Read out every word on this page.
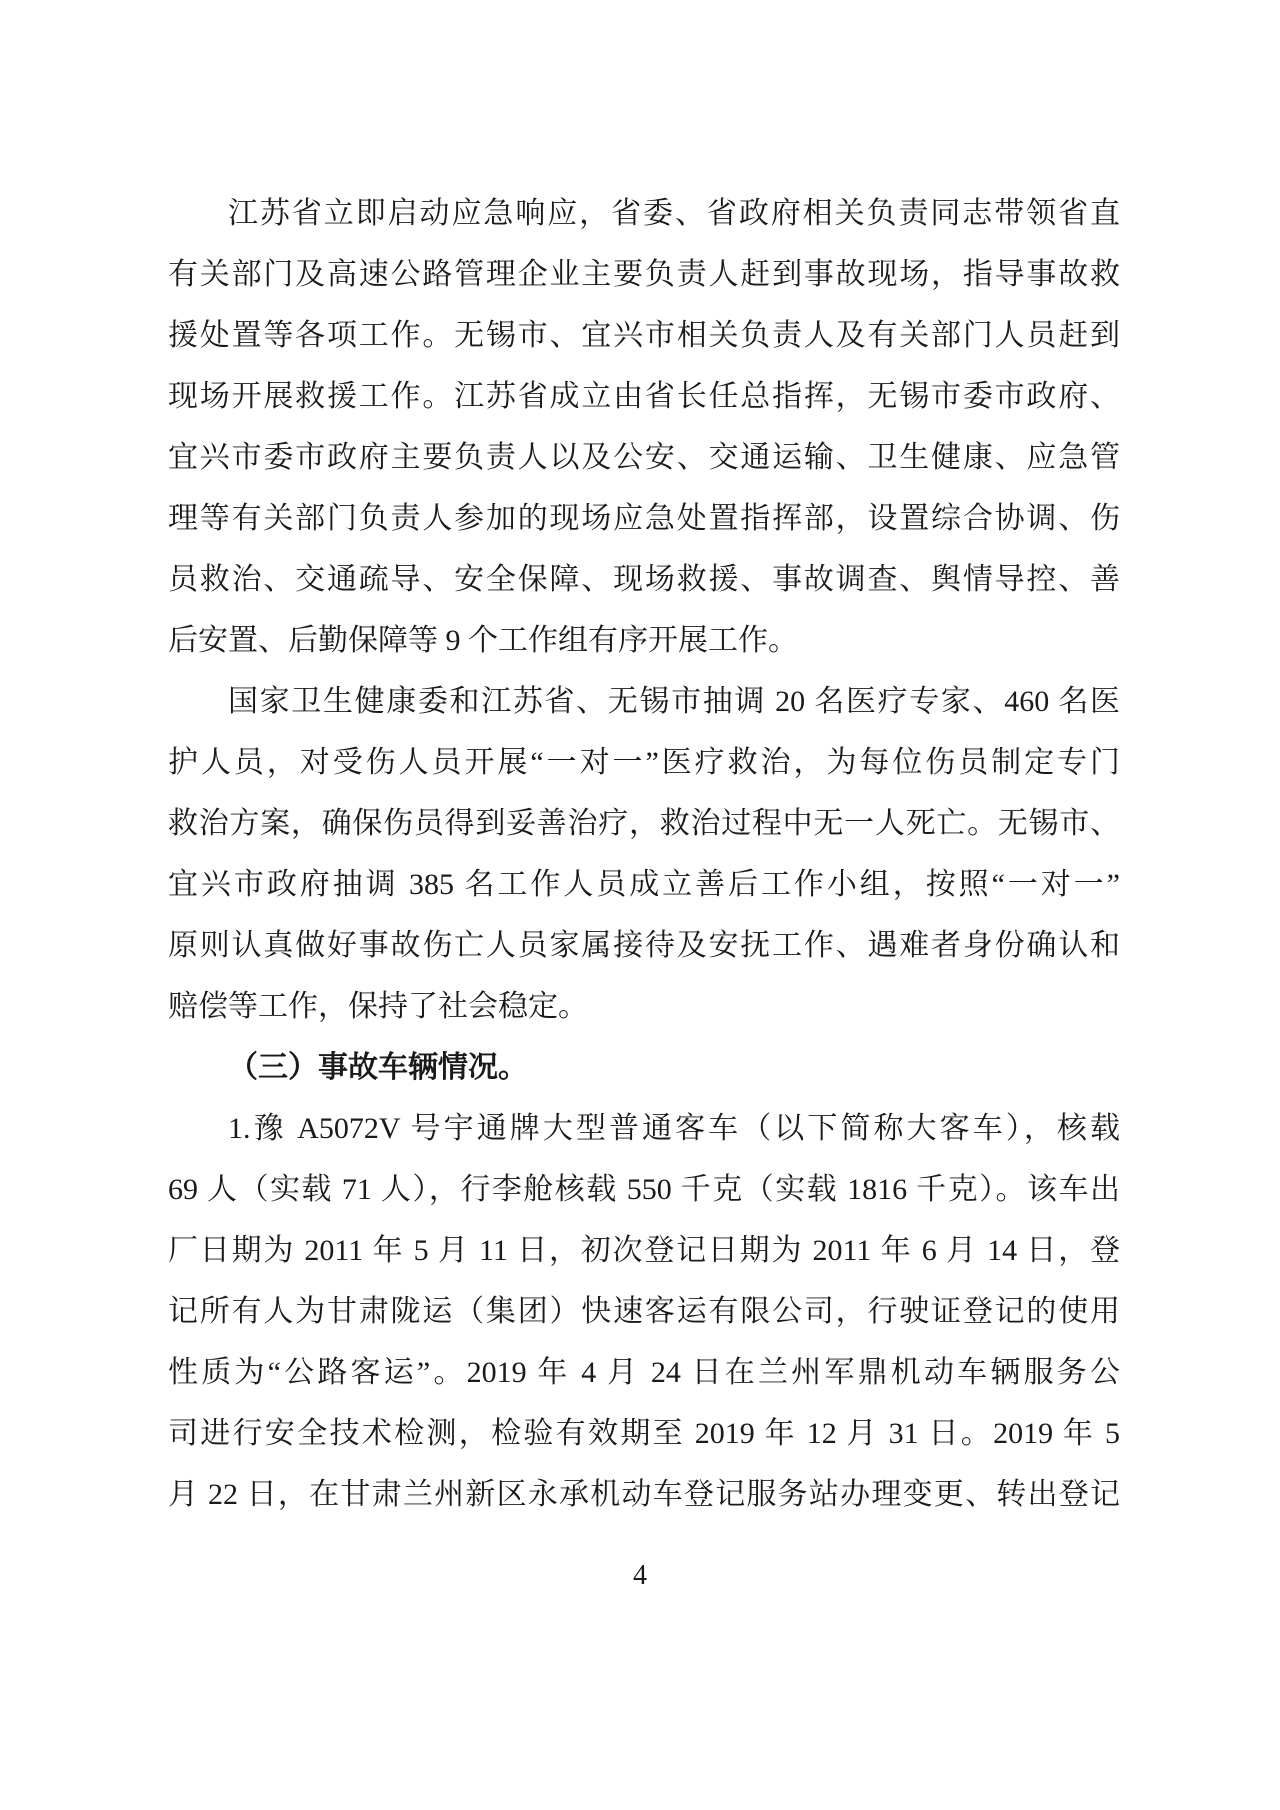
江苏省立即启动应急响应，省委、省政府相关负责同志带领省直
有关部门及高速公路管理企业主要负责人赶到事故现场，指导事故救
援处置等各项工作。无锡市、宜兴市相关负责人及有关部门人员赶到
现场开展救援工作。江苏省成立由省长任总指挥，无锡市委市政府、
宜兴市委市政府主要负责人以及公安、交通运输、卫生健康、应急管
理等有关部门负责人参加的现场应急处置指挥部，设置综合协调、伤
员救治、交通疏导、安全保障、现场救援、事故调查、舆情导控、善
后安置、后勤保障等 9 个工作组有序开展工作。
国家卫生健康委和江苏省、无锡市抽调 20 名医疗专家、460 名医
护人员，对受伤人员开展“一对一”医疗救治，为每位伤员制定专门
救治方案，确保伤员得到妥善治疗，救治过程中无一人死亡。无锡市、
宜兴市政府抽调 385 名工作人员成立善后工作小组，按照“一对一”
原则认真做好事故伤亡人员家属接待及安抚工作、遇难者身份确认和
赔偿等工作，保持了社会稳定。
（三）事故车辆情况。
1.豫 A5072V 号宇通牌大型普通客车（以下简称大客车），核载
69 人（实载 71 人），行李舱核载 550 千克（实载 1816 千克）。该车出
厂日期为 2011 年 5 月 11 日，初次登记日期为 2011 年 6 月 14 日，登
记所有人为甘肃陇运（集团）快速客运有限公司，行驶证登记的使用
性质为“公路客运”。2019 年 4 月 24 日在兰州军鼎机动车辆服务公
司进行安全技术检测，检验有效期至 2019 年 12 月 31 日。2019 年 5
月 22 日，在甘肃兰州新区永承机动车登记服务站办理变更、转出登记
4
